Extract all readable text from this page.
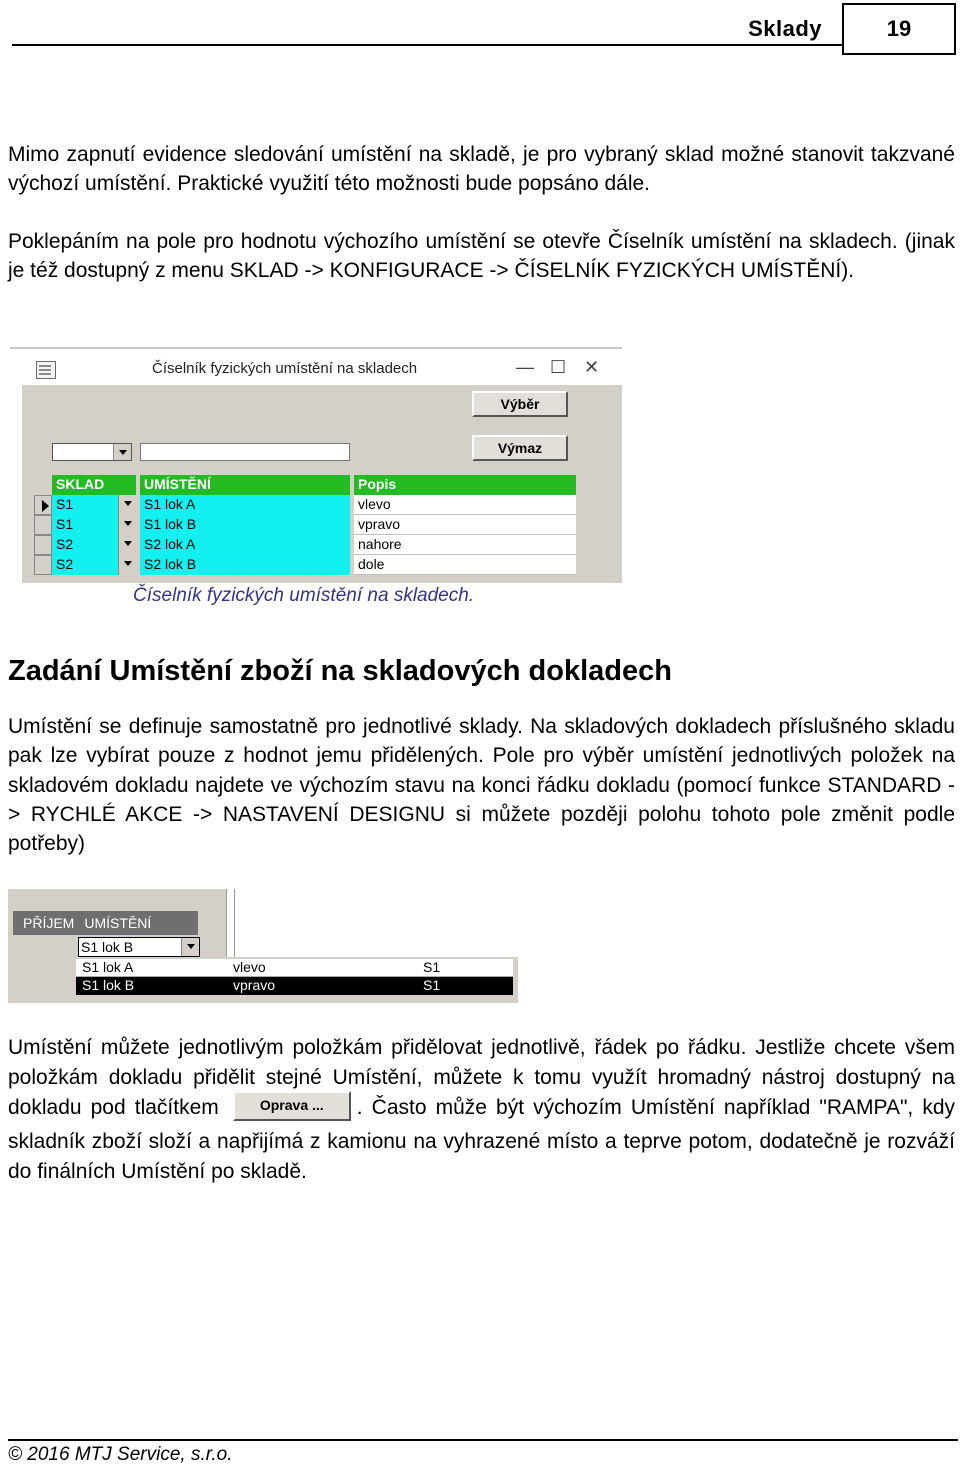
Sklady	19

Mimo zapnutí evidence sledování umístění na skladě, je pro vybraný sklad možné stanovit takzvané výchozí umístění. Praktické využití této možnosti bude popsáno dále.

Poklepáním na pole pro hodnotu výchozího umístění se otevře Číselník umístění na skladech. (jinak je též dostupný z menu SKLAD -> KONFIGURACE -> ČÍSELNÍK FYZICKÝCH UMÍSTĚNÍ).

Číselník fyzických umístění na skladech	— ☐ ✕
Výběr
Výmaz
SKLAD	UMÍSTĚNÍ	Popis
S1	S1 lok A	vlevo
S1	S1 lok B	vpravo
S2	S2 lok A	nahore
S2	S2 lok B	dole
Číselník fyzických umístění na skladech.
Zadání Umístění zboží na skladových dokladech

Umístění se definuje samostatně pro jednotlivé sklady. Na skladových dokladech příslušného skladu pak lze vybírat pouze z hodnot jemu přidělených. Pole pro výběr umístění jednotlivých položek na skladovém dokladu najdete ve výchozím stavu na konci řádku dokladu (pomocí funkce STANDARD -> RYCHLÉ AKCE -> NASTAVENÍ DESIGNU si můžete později polohu tohoto pole změnit podle potřeby)

PŘÍJEM UMÍSTĚNÍ
S1 lok B
S1 lok A	vlevo	S1
S1 lok B	vpravo	S1

Umístění můžete jednotlivým položkám přidělovat jednotlivě, řádek po řádku. Jestliže chcete všem položkám dokladu přidělit stejné Umístění, můžete k tomu využít hromadný nástroj dostupný na dokladu pod tlačítkem	Oprava ... . Často může být výchozím Umístění například "RAMPA", kdy skladník zboží složí a napřijímá z kamionu na vyhrazené místo a teprve potom, dodatečně je rozváží do finálních Umístění po skladě.

© 2016 MTJ Service, s.r.o.
